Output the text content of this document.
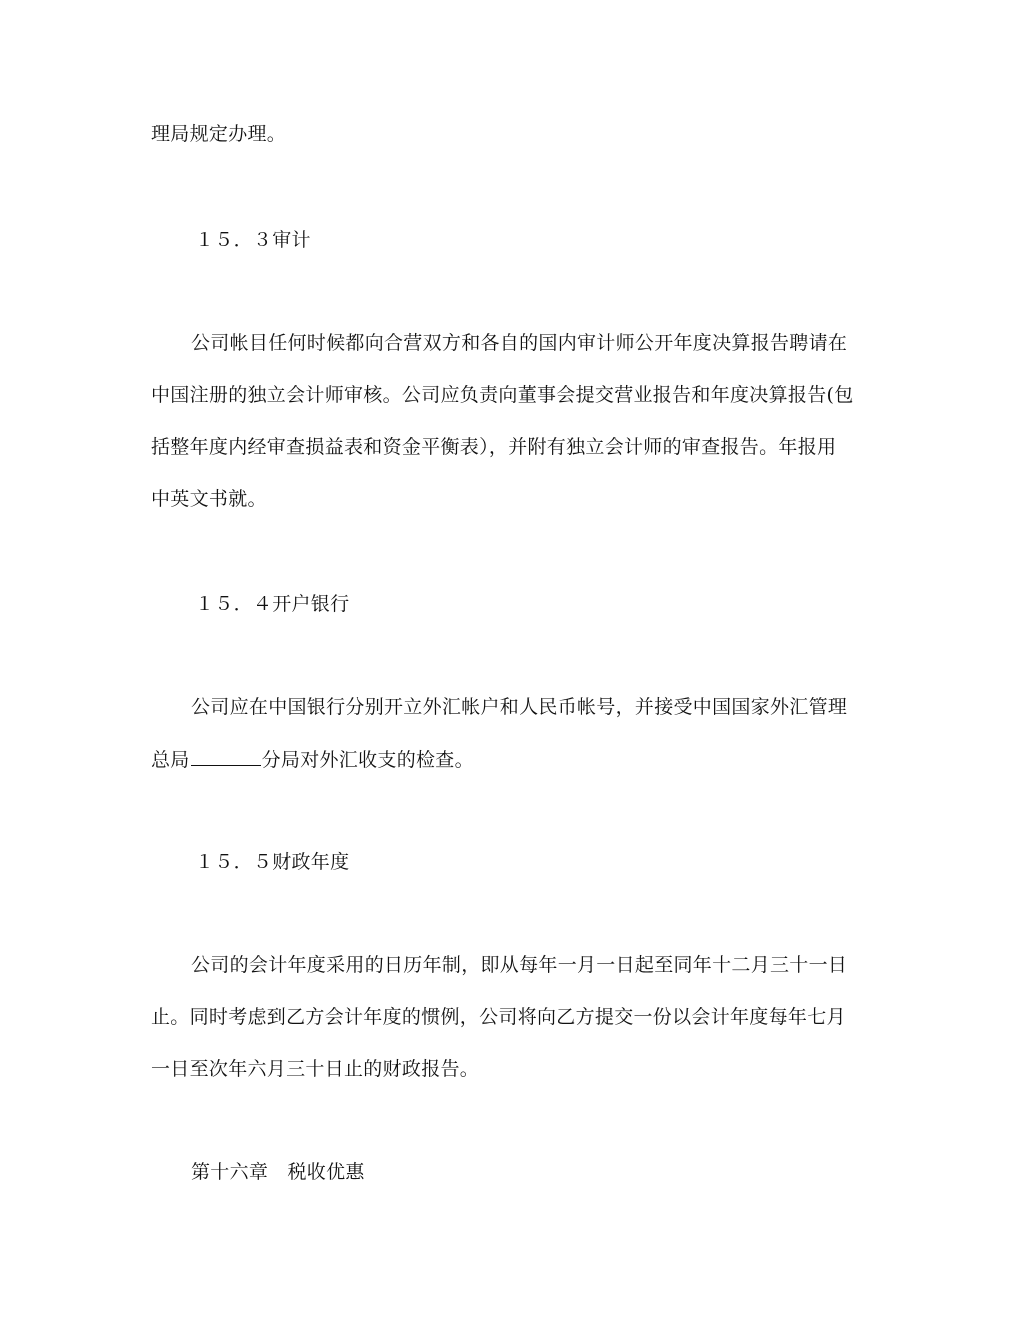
理局规定办理。
１５．３审计
公司帐目任何时候都向合营双方和各自的国内审计师公开年度决算报告聘请在
中国注册的独立会计师审核。公司应负责向董事会提交营业报告和年度决算报告(包
括整年度内经审查损益表和资金平衡表），并附有独立会计师的审查报告。年报用
中英文书就。
１５．４开户银行
公司应在中国银行分别开立外汇帐户和人民币帐号，并接受中国国家外汇管理
总局	分局对外汇收支的检查。
１５．５财政年度
公司的会计年度采用的日历年制，即从每年一月一日起至同年十二月三十一日
止。同时考虑到乙方会计年度的惯例，公司将向乙方提交一份以会计年度每年七月
一日至次年六月三十日止的财政报告。
第十六章　税收优惠
